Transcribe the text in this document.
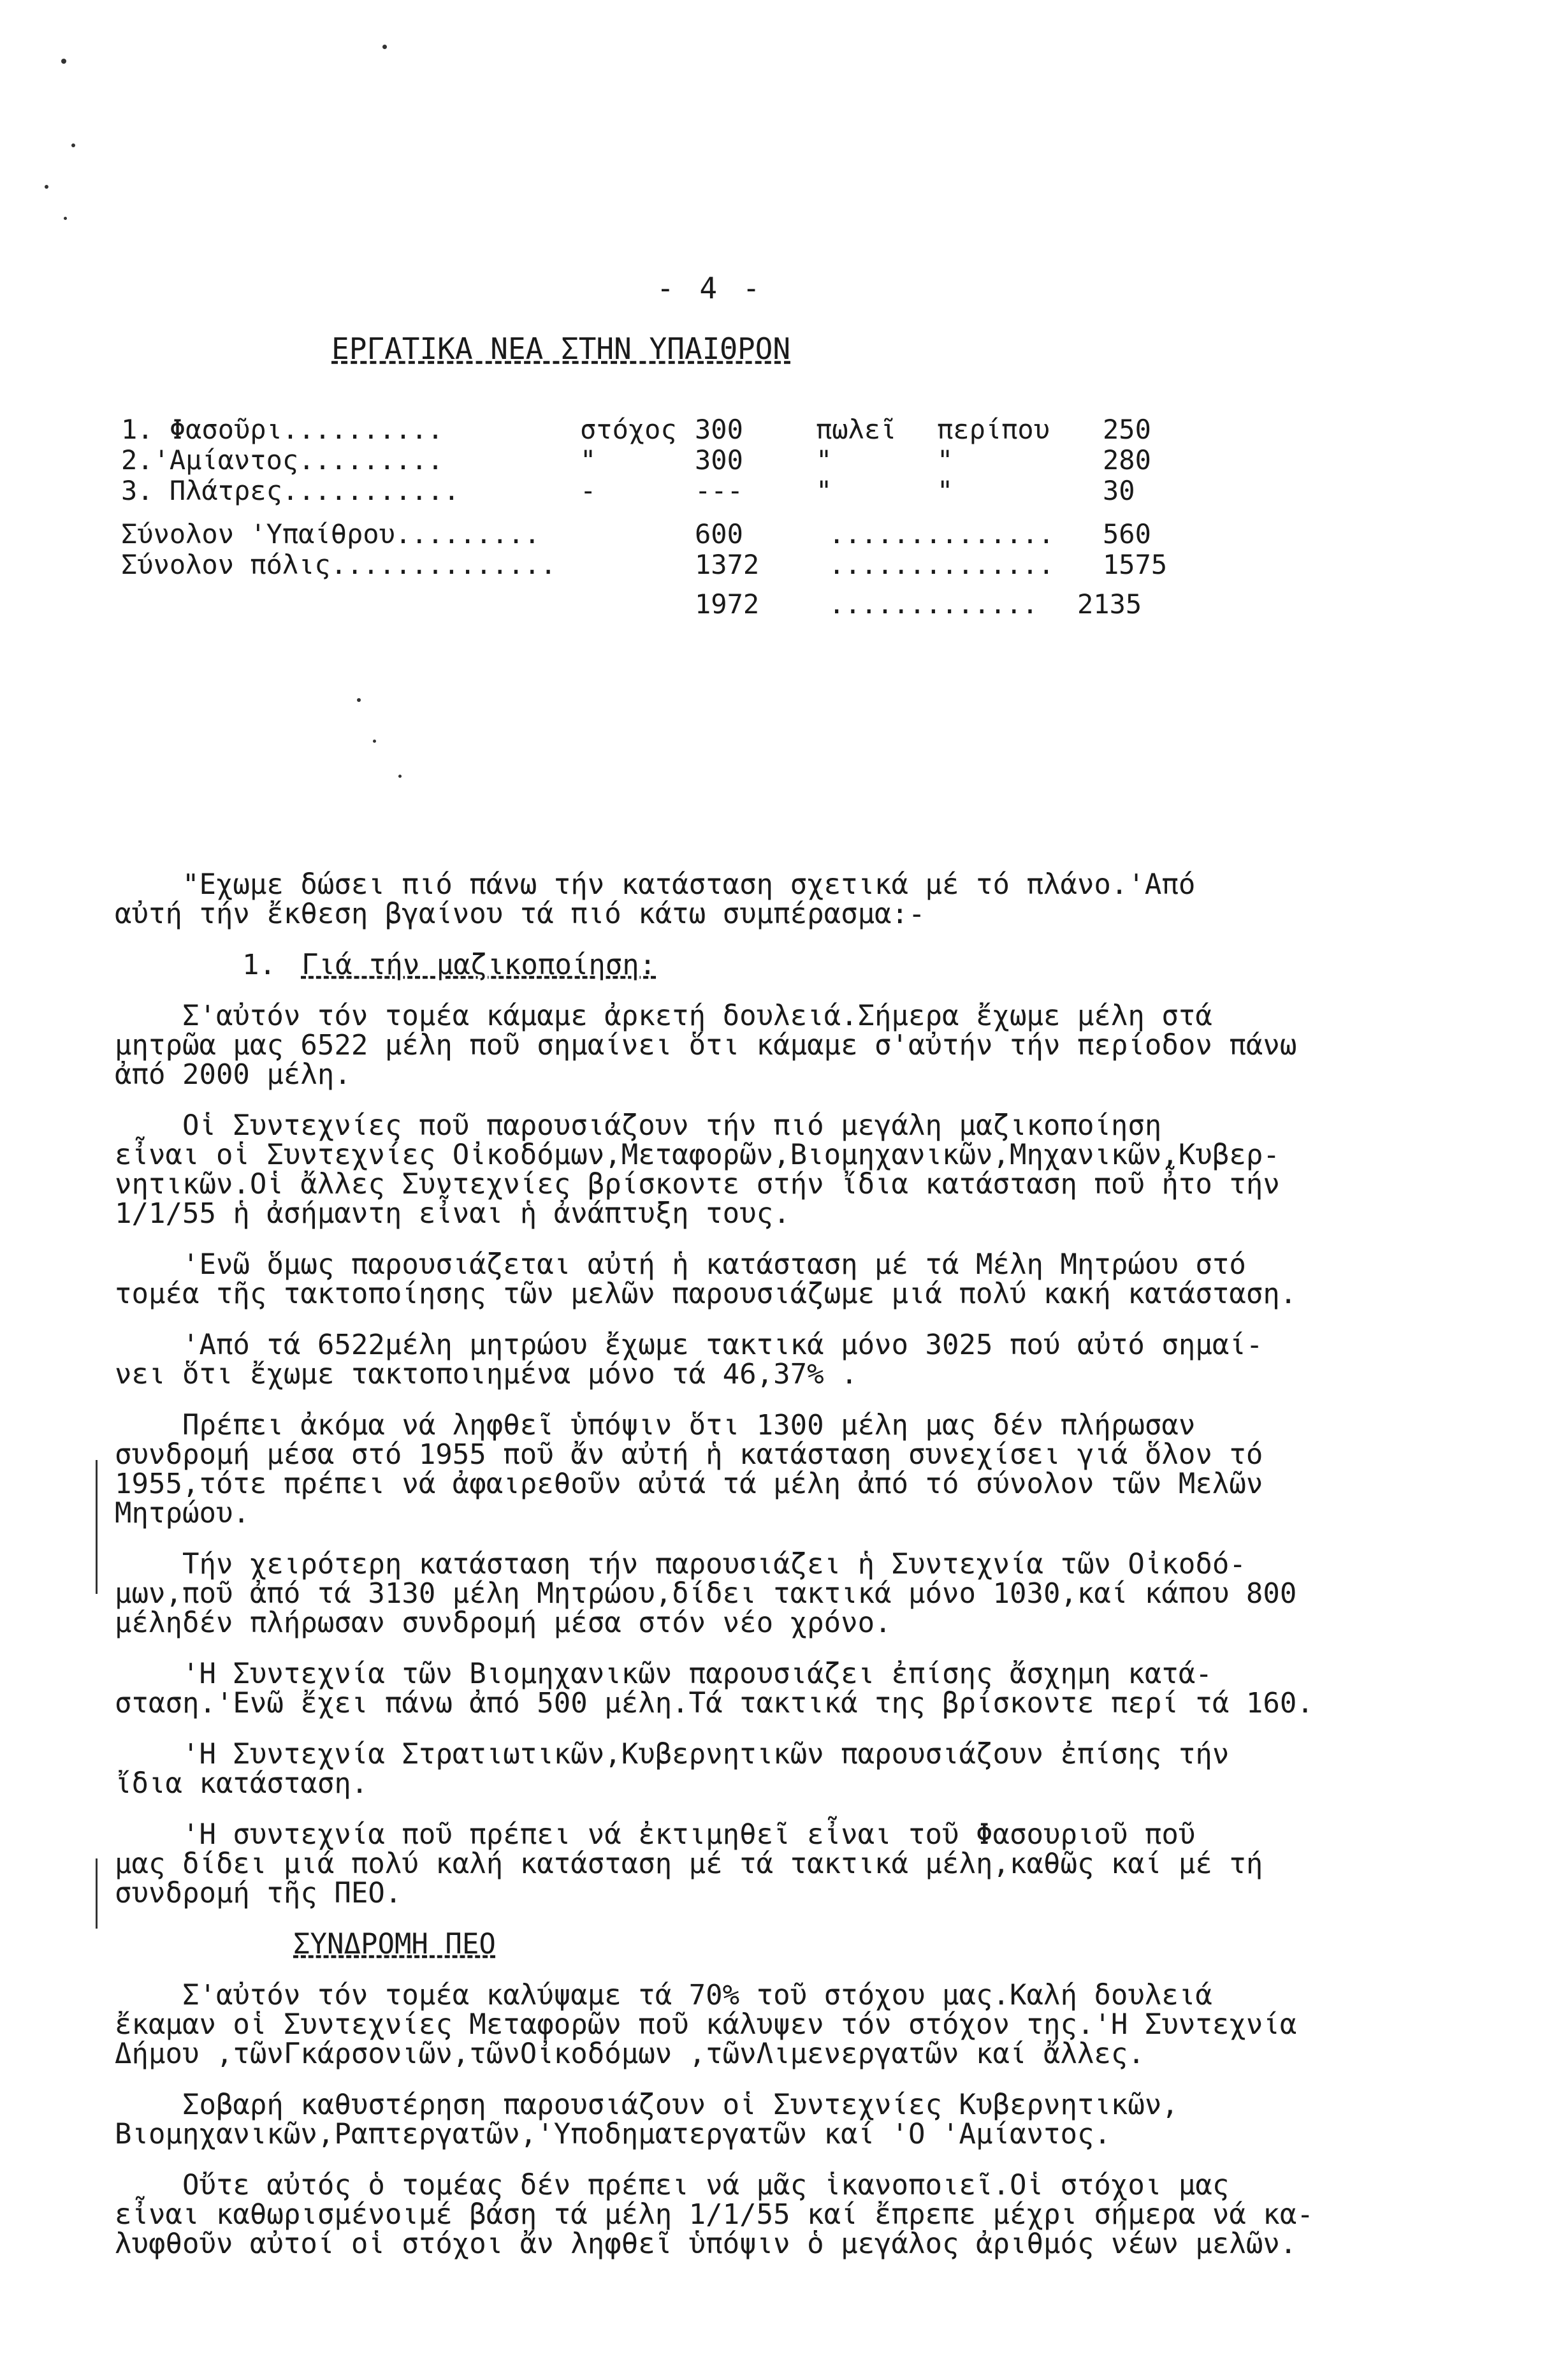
- 4 -
ΕΡΓΑΤΙΚΑ ΝΕΑ ΣΤΗΝ ΥΠΑΙΘΡΟΝ
1. Φασοῦρι..........	στόχος 300	πωλεῖ περίπου 250
2.'Αμίαντος.........	"	300	"	"	280
3. Πλάτρες...........	-	---	"	"	30
Σύνολον 'Υπαίθρου.........	600	.............. 560
Σύνολον πόλις..............	1372	.............. 1575
1972	............. 2135

"Εχωμε δώσει πιό πάνω τήν κατάσταση σχετικά μέ τό πλάνο.'Από

αὐτή τήν ἔκθεση βγαίνου τά πιό κάτω συμπέρασμα:-

1. Γιά τήν μαζικοποίηση:

Σ'αὐτόν τόν τομέα κάμαμε ἀρκετή δουλειά.Σήμερα ἔχωμε μέλη στά

μητρῶα μας 6522 μέλη ποῦ σημαίνει ὅτι κάμαμε σ'αὐτήν τήν περίοδον πάνω

ἀπό 2000 μέλη.

Οἱ Συντεχνίες ποῦ παρουσιάζουν τήν πιό μεγάλη μαζικοποίηση

εἶναι οἱ Συντεχνίες Οἰκοδόμων,Μεταφορῶν,Βιομηχανικῶν,Μηχανικῶν,Κυβερ-

νητικῶν.Οἱ ἄλλες Συντεχνίες βρίσκοντε στήν ἴδια κατάσταση ποῦ ἦτο τήν

1/1/55 ἡ ἀσήμαντη εἶναι ἡ ἀνάπτυξη τους.

'Ενῶ ὅμως παρουσιάζεται αὐτή ἡ κατάσταση μέ τά Μέλη Μητρώου στό

τομέα τῆς τακτοποίησης τῶν μελῶν παρουσιάζωμε μιά πολύ κακή κατάσταση.

'Από τά 6522μέλη μητρώου ἔχωμε τακτικά μόνο 3025 πού αὐτό σημαί-

νει ὅτι ἔχωμε τακτοποιημένα μόνο τά 46,37% .

Πρέπει ἀκόμα νά ληφθεῖ ὑπόψιν ὅτι 1300 μέλη μας δέν πλήρωσαν

συνδρομή μέσα στό 1955 ποῦ ἄν αὐτή ἡ κατάσταση συνεχίσει γιά ὅλον τό

1955,τότε πρέπει νά ἀφαιρεθοῦν αὐτά τά μέλη ἀπό τό σύνολον τῶν Μελῶν

Μητρώου.

Τήν χειρότερη κατάσταση τήν παρουσιάζει ἡ Συντεχνία τῶν Οἰκοδό-

μων,ποῦ ἀπό τά 3130 μέλη Μητρώου,δίδει τακτικά μόνο 1030,καί κάπου 800

μέληδέν πλήρωσαν συνδρομή μέσα στόν νέο χρόνο.

'Η Συντεχνία τῶν Βιομηχανικῶν παρουσιάζει ἐπίσης ἄσχημη κατά-

σταση.'Ενῶ ἔχει πάνω ἀπό 500 μέλη.Τά τακτικά της βρίσκοντε περί τά 160.

'Η Συντεχνία Στρατιωτικῶν,Κυβερνητικῶν παρουσιάζουν ἐπίσης τήν

ἴδια κατάσταση.

'Η συντεχνία ποῦ πρέπει νά ἐκτιμηθεῖ εἶναι τοῦ Φασουριοῦ ποῦ

μας δίδει μιά πολύ καλή κατάσταση μέ τά τακτικά μέλη,καθῶς καί μέ τή

συνδρομή τῆς ΠΕΟ.

ΣΥΝΔΡΟΜΗ ΠΕΟ

Σ'αὐτόν τόν τομέα καλύψαμε τά 70% τοῦ στόχου μας.Καλή δουλειά

ἔκαμαν οἱ Συντεχνίες Μεταφορῶν ποῦ κάλυψεν τόν στόχον της.'Η Συντεχνία

Δήμου ,τῶνΓκάρσονιῶν,τῶνΟἰκοδόμων ,τῶνΛιμενεργατῶν καί ἄλλες.

Σοβαρή καθυστέρηση παρουσιάζουν οἱ Συντεχνίες Κυβερνητικῶν,

Βιομηχανικῶν,Ραπτεργατῶν,'Υποδηματεργατῶν καί 'Ο 'Αμίαντος.

Οὔτε αὐτός ὁ τομέας δέν πρέπει νά μᾶς ἱκανοποιεῖ.Οἱ στόχοι μας

εἶναι καθωρισμένοιμέ βάση τά μέλη 1/1/55 καί ἔπρεπε μέχρι σήμερα νά κα-

λυφθοῦν αὐτοί οἱ στόχοι ἄν ληφθεῖ ὑπόψιν ὁ μεγάλος ἀριθμός νέων μελῶν.
